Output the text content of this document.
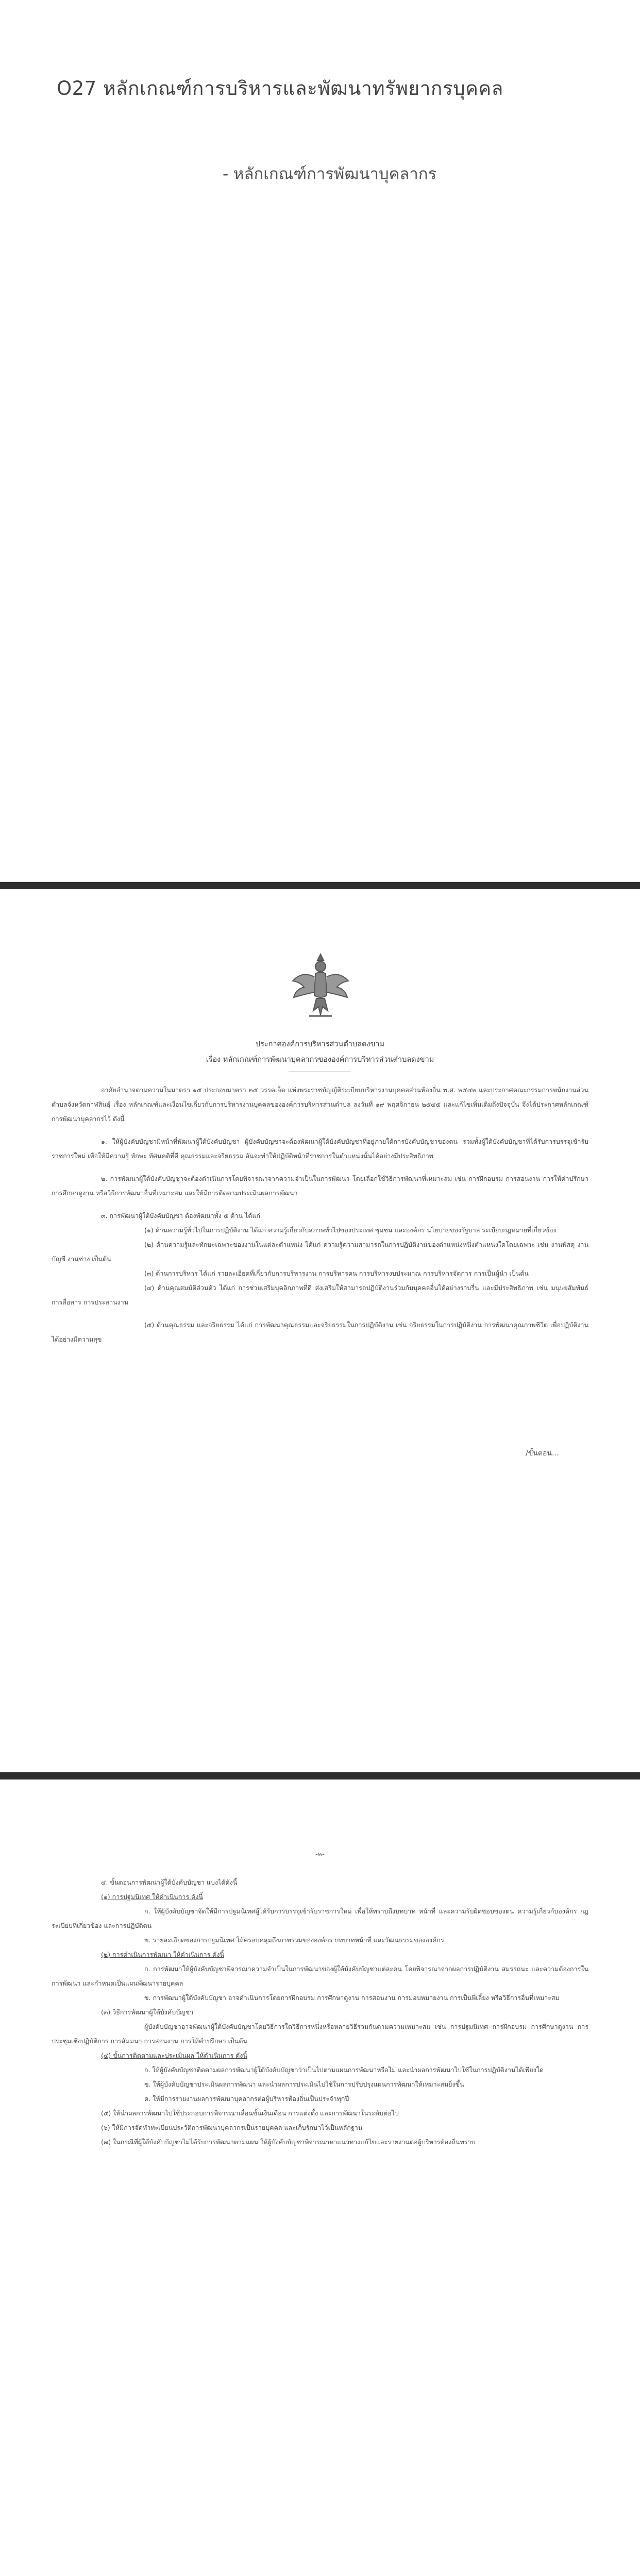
O27 หลักเกณฑ์การบริหารและพัฒนาทรัพยากรบุคคล
- หลักเกณฑ์การพัฒนาบุคลากร
ประกาศองค์การบริหารส่วนตำบลดงขาม
เรื่อง หลักเกณฑ์การพัฒนาบุคลากรขององค์การบริหารส่วนตำบลดงขาม

อาศัยอำนาจตามความในมาตรา ๑๕ ประกอบมาตรา ๒๕ วรรคเจ็ด แห่งพระราชบัญญัติระเบียบบริหารงานบุคคลส่วนท้องถิ่น พ.ศ. ๒๕๔๒ และประกาศคณะกรรมการพนักงานส่วนตำบลจังหวัดกาฬสินธุ์ เรื่อง หลักเกณฑ์และเงื่อนไขเกี่ยวกับการบริหารงานบุคคลขององค์การบริหารส่วนตำบล ลงวันที่ ๑๙ พฤศจิกายน ๒๕๔๕ และแก้ไขเพิ่มเติมถึงปัจจุบัน จึงได้ประกาศหลักเกณฑ์การพัฒนาบุคลากรไว้ ดังนี้

๑. ให้ผู้บังคับบัญชามีหน้าที่พัฒนาผู้ใต้บังคับบัญชา ผู้บังคับบัญชาจะต้องพัฒนาผู้ใต้บังคับบัญชาที่อยู่ภายใต้การบังคับบัญชาของตน รวมทั้งผู้ใต้บังคับบัญชาที่ได้รับการบรรจุเข้ารับราชการใหม่ เพื่อให้มีความรู้ ทักษะ ทัศนคติที่ดี คุณธรรมและจริยธรรม อันจะทำให้ปฏิบัติหน้าที่ราชการในตำแหน่งนั้นได้อย่างมีประสิทธิภาพ

๒. การพัฒนาผู้ใต้บังคับบัญชาจะต้องดำเนินการโดยพิจารณาจากความจำเป็นในการพัฒนา โดยเลือกใช้วิธีการพัฒนาที่เหมาะสม เช่น การฝึกอบรม การสอนงาน การให้คำปรึกษา การศึกษาดูงาน หรือวิธีการพัฒนาอื่นที่เหมาะสม และให้มีการติดตามประเมินผลการพัฒนา

๓. การพัฒนาผู้ใต้บังคับบัญชา ต้องพัฒนาทั้ง ๕ ด้าน ได้แก่

(๑) ด้านความรู้ทั่วไปในการปฏิบัติงาน ได้แก่ ความรู้เกี่ยวกับสภาพทั่วไปของประเทศ ชุมชน และองค์กร นโยบายของรัฐบาล ระเบียบกฎหมายที่เกี่ยวข้อง

(๒) ด้านความรู้และทักษะเฉพาะของงานในแต่ละตำแหน่ง ได้แก่ ความรู้ความสามารถในการปฏิบัติงานของตำแหน่งหนึ่งตำแหน่งใดโดยเฉพาะ เช่น งานพัสดุ งานบัญชี งานช่าง เป็นต้น

(๓) ด้านการบริหาร ได้แก่ รายละเอียดที่เกี่ยวกับการบริหารงาน การบริหารคน การบริหารงบประมาณ การบริหารจัดการ การเป็นผู้นำ เป็นต้น

(๔) ด้านคุณสมบัติส่วนตัว ได้แก่ การช่วยเสริมบุคลิกภาพที่ดี ส่งเสริมให้สามารถปฏิบัติงานร่วมกับบุคคลอื่นได้อย่างราบรื่น และมีประสิทธิภาพ เช่น มนุษยสัมพันธ์ การสื่อสาร การประสานงาน

(๕) ด้านคุณธรรม และจริยธรรม ได้แก่ การพัฒนาคุณธรรมและจริยธรรมในการปฏิบัติงาน เช่น จริยธรรมในการปฏิบัติงาน การพัฒนาคุณภาพชีวิต เพื่อปฏิบัติงานได้อย่างมีความสุข

/ขั้นตอน...
-๒-

๔. ขั้นตอนการพัฒนาผู้ใต้บังคับบัญชา แบ่งได้ดังนี้

(๑) การปฐมนิเทศ ให้ดำเนินการ ดังนี้

ก. ให้ผู้บังคับบัญชาจัดให้มีการปฐมนิเทศผู้ได้รับการบรรจุเข้ารับราชการใหม่ เพื่อให้ทราบถึงบทบาท หน้าที่ และความรับผิดชอบของตน ความรู้เกี่ยวกับองค์กร กฎระเบียบที่เกี่ยวข้อง และการปฏิบัติตน

ข. รายละเอียดของการปฐมนิเทศ ให้ครอบคลุมถึงภาพรวมขององค์กร บทบาทหน้าที่ และวัฒนธรรมขององค์กร

(๒) การดำเนินการพัฒนา ให้ดำเนินการ ดังนี้

ก. การพัฒนาให้ผู้บังคับบัญชาพิจารณาความจำเป็นในการพัฒนาของผู้ใต้บังคับบัญชาแต่ละคน โดยพิจารณาจากผลการปฏิบัติงาน สมรรถนะ และความต้องการในการพัฒนา และกำหนดเป็นแผนพัฒนารายบุคคล

ข. การพัฒนาผู้ใต้บังคับบัญชา อาจดำเนินการโดยการฝึกอบรม การศึกษาดูงาน การสอนงาน การมอบหมายงาน การเป็นพี่เลี้ยง หรือวิธีการอื่นที่เหมาะสม

(๓) วิธีการพัฒนาผู้ใต้บังคับบัญชา

ผู้บังคับบัญชาอาจพัฒนาผู้ใต้บังคับบัญชาโดยวิธีการใดวิธีการหนึ่งหรือหลายวิธีรวมกันตามความเหมาะสม เช่น การปฐมนิเทศ การฝึกอบรม การศึกษาดูงาน การประชุมเชิงปฏิบัติการ การสัมมนา การสอนงาน การให้คำปรึกษา เป็นต้น

(๔) ขั้นการติดตามและประเมินผล ให้ดำเนินการ ดังนี้

ก. ให้ผู้บังคับบัญชาติดตามผลการพัฒนาผู้ใต้บังคับบัญชาว่าเป็นไปตามแผนการพัฒนาหรือไม่ และนำผลการพัฒนาไปใช้ในการปฏิบัติงานได้เพียงใด

ข. ให้ผู้บังคับบัญชาประเมินผลการพัฒนา และนำผลการประเมินไปใช้ในการปรับปรุงแผนการพัฒนาให้เหมาะสมยิ่งขึ้น

ค. ให้มีการรายงานผลการพัฒนาบุคลากรต่อผู้บริหารท้องถิ่นเป็นประจำทุกปี

(๕) ให้นำผลการพัฒนาไปใช้ประกอบการพิจารณาเลื่อนขั้นเงินเดือน การแต่งตั้ง และการพัฒนาในระดับต่อไป

(๖) ให้มีการจัดทำทะเบียนประวัติการพัฒนาบุคลากรเป็นรายบุคคล และเก็บรักษาไว้เป็นหลักฐาน

(๗) ในกรณีที่ผู้ใต้บังคับบัญชาไม่ได้รับการพัฒนาตามแผน ให้ผู้บังคับบัญชาพิจารณาหาแนวทางแก้ไขและรายงานต่อผู้บริหารท้องถิ่นทราบ
